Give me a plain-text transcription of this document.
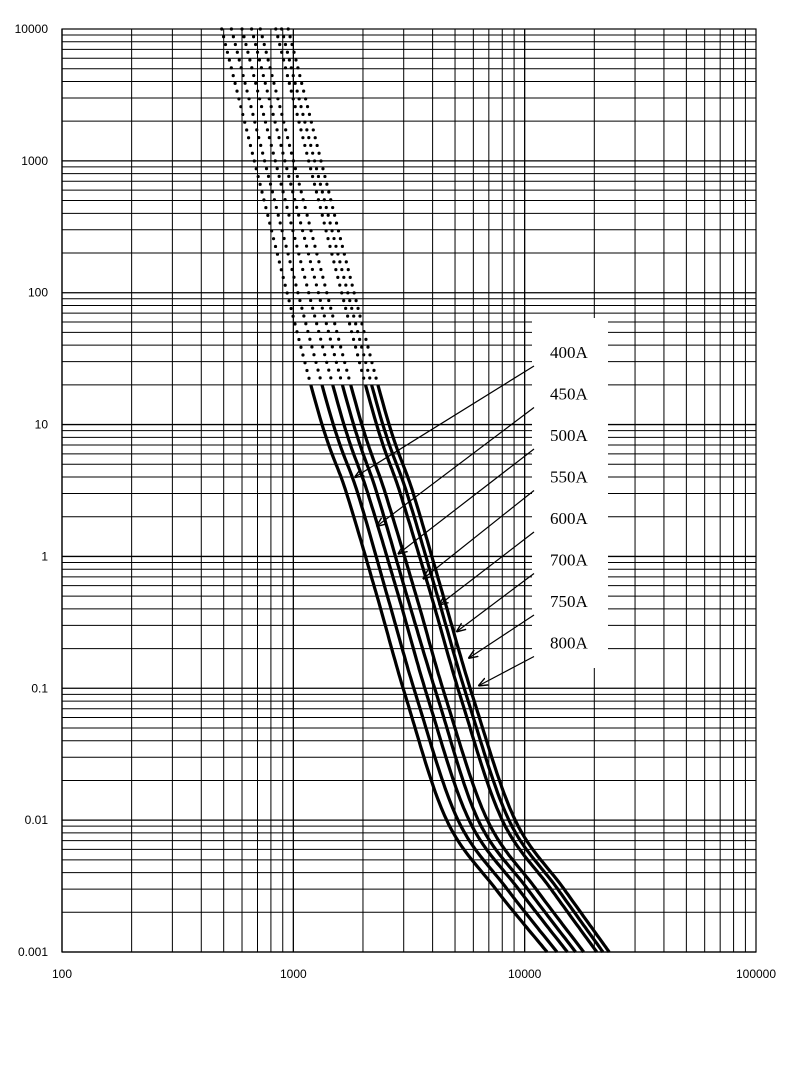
400A
450A
500A
550A
600A
700A
750A
800A
100	1000	10000	100000
0.001
0.01
0.1
1
10
100
1000
10000
